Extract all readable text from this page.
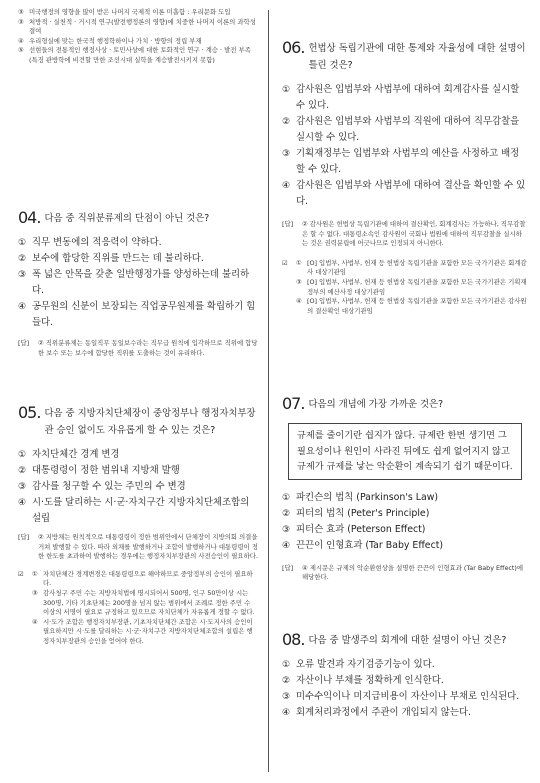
③ 미국행정의 영향을 많이 받은 나머지 국제적 이론 미흡함 : 우리문화 도입
③ 처방적 · 실천적 · 거시적 연구(발전행정론의 영향)에 치중한 나머지 이론의 과학성 결여
④ 우리형실에 맞는 한국적 행정학하이나 가치 · 방향의 정립 부재
⑤ 선현들의 전통적인 행정사상 · 토민사상에 대한 토화적인 연구 · 계승 · 발전 부족 (특징 관방학에 비견할 만한 조선시대 실학을 계승발전시키지 못함)
04. 다음 중 직위분류제의 단점이 아닌 것은?
① 직무 변동에의 적응력이 약하다.
② 보수에 합당한 직위를 만드는 데 불리하다.
③ 폭 넓은 안목을 갖춘 일반행정가를 양성하는데 불리하다.
④ 공무원의 신분이 보장되는 직업공무원제를 확립하기 힘들다.
[답]	② 직위분류제는 동일직무 동일보수라는 직무급 원칙에 입각하므로 직위에 합당한 보수 또는 보수에 합당한 직위를 도출하는 것이 유리하다.
05. 다음 중 지방자치단체장이 중앙정부나 행정자치부장관 승인 없이도 자유롭게 할 수 있는 것은?
① 자치단체간 경계 변경
② 대통령령이 정한 범위내 지방채 발행
③ 감사를 청구할 수 있는 주민의 수 변경
④ 시·도를 달리하는 시·군·자치구간 지방자치단체조합의 설립
[답]	② 지방채는 원칙적으로 대통령령이 정한 범위안에서 단체장이 지방의회 의결을 거쳐 발행할 수 있다. 따라 외채를 발행하거나 조합이 발행하거나 대통령령이 정한 한도를 초과하여 발행하는 경우에는 행정자치부장관의 사전승인이 필요하다.
☑	① 자치단체간 경계변경은 대통령령으로 해야하므로 중앙정부의 승인이 필요하다.
③ 감사청구 주민 수는 지방자치법에 명시되어서 500명, 인구 50만이상 시는 300명, 기타 기초단체는 200명을 넘지 않는 범위에서 조례로 정한 주민 수 이상의 서명이 필요로 규정하고 있으므로 자치단체가 자유롭게 정할 수 없다.
④ 시·도가 조합은 행정자치부장관, 기초자치단체간 조합은 시·도지사의 승인이 필요하지만 시·도를 달리하는 시·군·자치구간 지방자치단체조합의 설립은 행정자치부장관의 승인을 얻어야 한다.
06. 헌법상 독립기관에 대한 통제와 자율성에 대한 설명이 틀린 것은?
① 감사원은 입법부와 사법부에 대하여 회계감사를 실시할 수 있다.
② 감사원은 입법부와 사법부의 직원에 대하여 직무감찰을 실시할 수 있다.
③ 기획재정부는 입법부와 사법부의 예산을 사정하고 배정할 수 있다.
④ 감사원은 입법부와 사법부에 대하여 결산을 확인할 수 있다.
[답]	② 감사원은 헌법상 독립기관에 대하여 결산확인, 회계검사는 가능하나, 직무감찰은 할 수 없다. 대통령소속인 감사원이 국회나 법원에 대하여 직무감찰을 실시하는 것은 권력분립에 어긋나므로 인정되지 아니한다.
☑	① [O] 입법부, 사법부, 헌재 등 헌법상 독립기관을 포함한 모든 국가기관은 회계감사 대상기관임
③ [O] 입법부, 사법부, 헌재 등 헌법상 독립기관을 포함한 모든 국가기관은 기획재정부의 예산사정 대상기관임
④ [O] 입법부, 사법부, 헌재 등 헌법상 독립기관을 포함한 모든 국가기관은 감사원의 결산확인 대상기관임
07. 다음의 개념에 가장 가까운 것은?
규제를 줄이기란 쉽지가 않다. 규제란 한번 생기면 그 필요성이나 원인이 사라진 뒤에도 쉽게 없어지지 않고 규제가 규제를 낳는 악순환이 계속되기 쉽기 때문이다.
① 파킨슨의 법칙 (Parkinson's Law)
② 피터의 법칙 (Peter's Principle)
③ 피터슨 효과 (Peterson Effect)
④ 끈끈이 인형효과 (Tar Baby Effect)
[답]	④ 제시문은 규제의 악순환현상을 설명한 끈끈이 인형효과 (Tar Baby Effect)에 해당한다.
08. 다음 중 발생주의 회계에 대한 설명이 아닌 것은?
① 오류 발견과 자기검증기능이 있다.
② 자산이나 부채를 정확하게 인식한다.
③ 미수수익이나 미지급비용이 자산이나 부채로 인식된다.
④ 회계처리과정에서 주관이 개입되지 않는다.
